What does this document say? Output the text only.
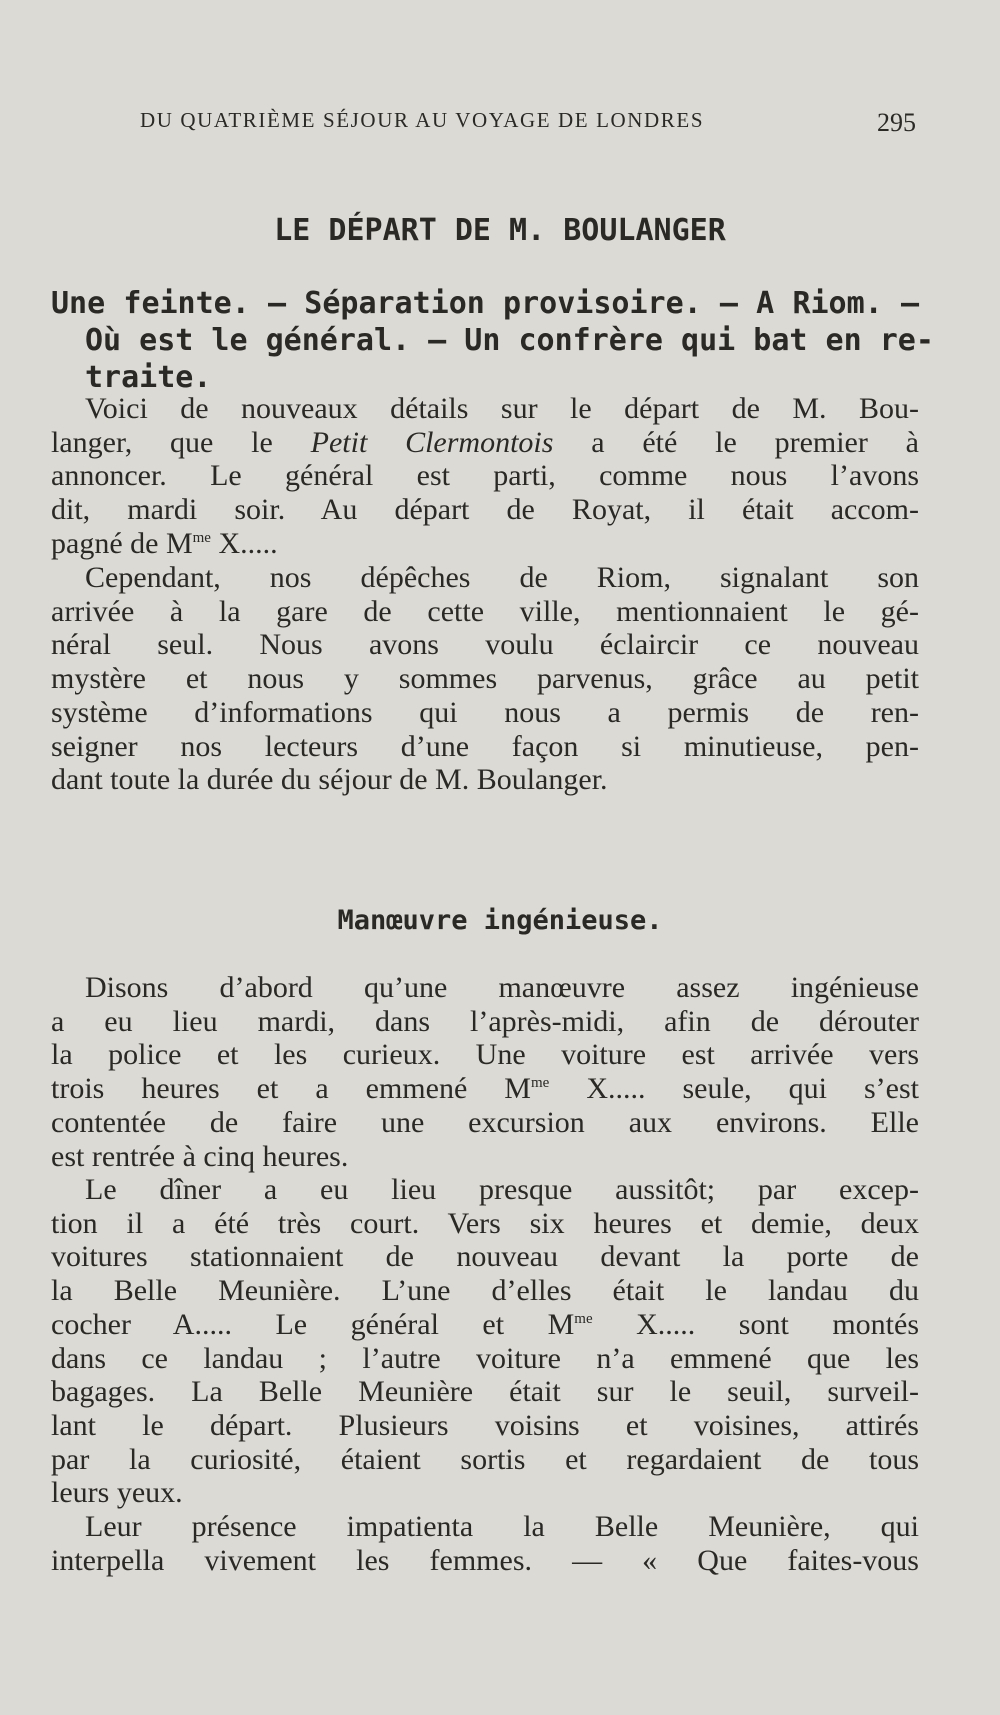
DU QUATRIÈME SÉJOUR AU VOYAGE DE LONDRES	295
LE DÉPART DE M. BOULANGER
Une feinte. — Séparation provisoire. — A Riom. —
Où est le général. — Un confrère qui bat en re-
traite.
Voici de nouveaux détails sur le départ de M. Bou-
langer, que le Petit Clermontois a été le premier à
annoncer. Le général est parti, comme nous l’avons
dit, mardi soir. Au départ de Royat, il était accom-
pagné de $M^{me}$ X.....
Cependant, nos dépêches de Riom, signalant son
arrivée à la gare de cette ville, mentionnaient le gé-
néral seul. Nous avons voulu éclaircir ce nouveau
mystère et nous y sommes parvenus, grâce au petit
système d’informations qui nous a permis de ren-
seigner nos lecteurs d’une façon si minutieuse, pen-
dant toute la durée du séjour de M. Boulanger.
Manœuvre ingénieuse.
Disons d’abord qu’une manœuvre assez ingénieuse
a eu lieu mardi, dans l’après-midi, afin de dérouter
la police et les curieux. Une voiture est arrivée vers
trois heures et a emmené $M^{me}$ X..... seule, qui s’est
contentée de faire une excursion aux environs. Elle
est rentrée à cinq heures.
Le dîner a eu lieu presque aussitôt; par excep-
tion il a été très court. Vers six heures et demie, deux
voitures stationnaient de nouveau devant la porte de
la Belle Meunière. L’une d’elles était le landau du
cocher A..... Le général et $M^{me}$ X..... sont montés
dans ce landau ; l’autre voiture n’a emmené que les
bagages. La Belle Meunière était sur le seuil, surveil-
lant le départ. Plusieurs voisins et voisines, attirés
par la curiosité, étaient sortis et regardaient de tous
leurs yeux.
Leur présence impatienta la Belle Meunière, qui
interpella vivement les femmes. — « Que faites-vous
